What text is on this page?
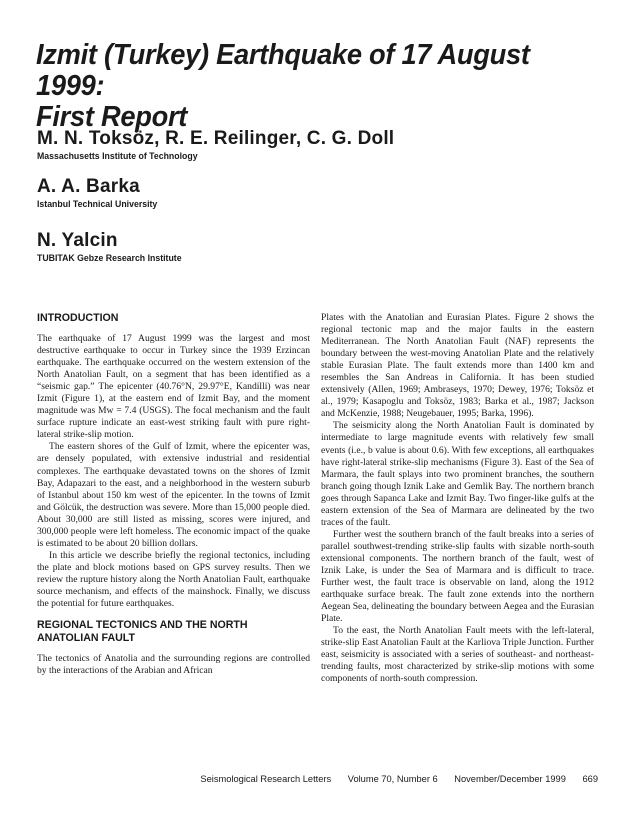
Izmit (Turkey) Earthquake of 17 August 1999:
First Report

M. N. Toksöz, R. E. Reilinger, C. G. Doll

Massachusetts Institute of Technology

A. A. Barka

Istanbul Technical University

N. Yalcin

TUBITAK Gebze Research Institute

INTRODUCTION

The earthquake of 17 August 1999 was the largest and most destructive earthquake to occur in Turkey since the 1939 Erzincan earthquake. The earthquake occurred on the western extension of the North Anatolian Fault, on a segment that has been identified as a “seismic gap.” The epicenter (40.76°N, 29.97°E, Kandilli) was near Izmit (Figure 1), at the eastern end of Izmit Bay, and the moment magnitude was Mw = 7.4 (USGS). The focal mechanism and the fault surface rupture indicate an east-west striking fault with pure right-lateral strike-slip motion.

The eastern shores of the Gulf of Izmit, where the epicenter was, are densely populated, with extensive industrial and residential complexes. The earthquake devastated towns on the shores of Izmit Bay, Adapazari to the east, and a neighborhood in the western suburb of Istanbul about 150 km west of the epicenter. In the towns of Izmit and Gölcük, the destruction was severe. More than 15,000 people died. About 30,000 are still listed as missing, scores were injured, and 300,000 people were left homeless. The economic impact of the quake is estimated to be about 20 billion dollars.

In this article we describe briefly the regional tectonics, including the plate and block motions based on GPS survey results. Then we review the rupture history along the North Anatolian Fault, earthquake source mechanism, and effects of the mainshock. Finally, we discuss the potential for future earthquakes.

REGIONAL TECTONICS AND THE NORTH
ANATOLIAN FAULT

The tectonics of Anatolia and the surrounding regions are controlled by the interactions of the Arabian and African

Plates with the Anatolian and Eurasian Plates. Figure 2 shows the regional tectonic map and the major faults in the eastern Mediterranean. The North Anatolian Fault (NAF) represents the boundary between the west-moving Anatolian Plate and the relatively stable Eurasian Plate. The fault extends more than 1400 km and resembles the San Andreas in California. It has been studied extensively (Allen, 1969; Ambraseys, 1970; Dewey, 1976; Toksöz et al., 1979; Kasapoglu and Toksöz, 1983; Barka et al., 1987; Jackson and McKenzie, 1988; Neugebauer, 1995; Barka, 1996).

The seismicity along the North Anatolian Fault is dominated by intermediate to large magnitude events with relatively few small events (i.e., b value is about 0.6). With few exceptions, all earthquakes have right-lateral strike-slip mechanisms (Figure 3). East of the Sea of Marmara, the fault splays into two prominent branches, the southern branch going though Iznik Lake and Gemlik Bay. The northern branch goes through Sapanca Lake and Izmit Bay. Two finger-like gulfs at the eastern extension of the Sea of Marmara are delineated by the two traces of the fault.

Further west the southern branch of the fault breaks into a series of parallel southwest-trending strike-slip faults with sizable north-south extensional components. The northern branch of the fault, west of Iznik Lake, is under the Sea of Marmara and is difficult to trace. Further west, the fault trace is observable on land, along the 1912 earthquake surface break. The fault zone extends into the northern Aegean Sea, delineating the boundary between Aegea and the Eurasian Plate.

To the east, the North Anatolian Fault meets with the left-lateral, strike-slip East Anatolian Fault at the Karliova Triple Junction. Further east, seismicity is associated with a series of southeast- and northeast-trending faults, most characterized by strike-slip motions with some components of north-south compression.

Seismological Research Letters Volume 70, Number 6 November/December 1999 669
